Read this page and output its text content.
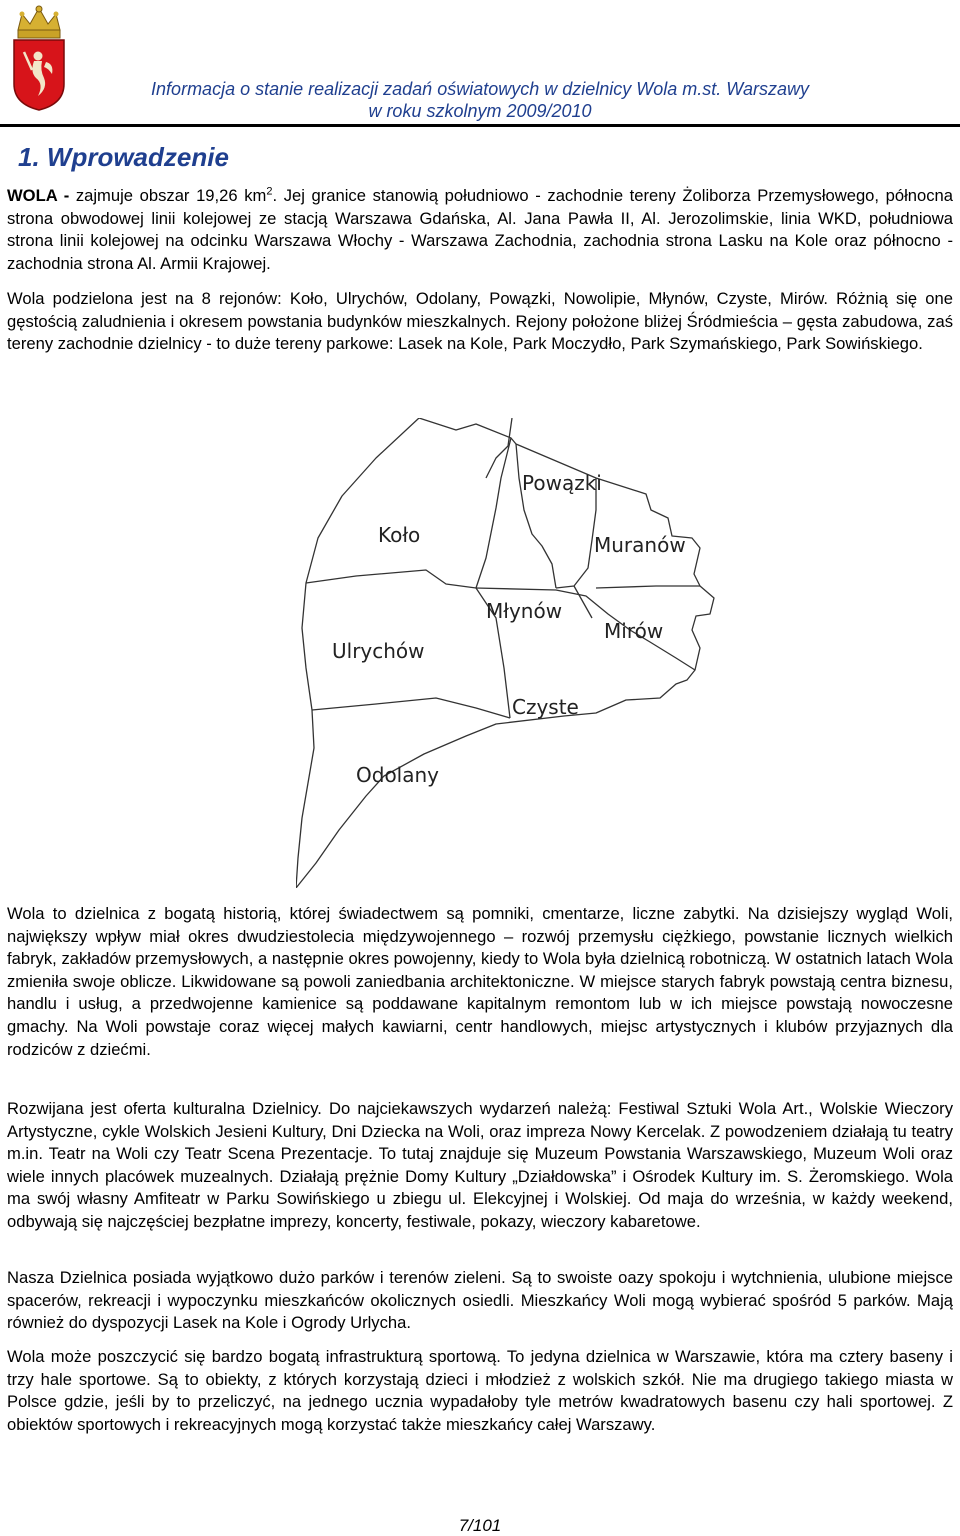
Informacja o stanie realizacji zadań oświatowych w dzielnicy Wola m.st. Warszawy
w roku szkolnym 2009/2010
1. Wprowadzenie

WOLA - zajmuje obszar 19,26 $km^2$. Jej granice stanowią południowo - zachodnie tereny Żoliborza Przemysłowego, północna strona obwodowej linii kolejowej ze stacją Warszawa Gdańska, Al. Jana Pawła II, Al. Jerozolimskie, linia WKD, południowa strona linii kolejowej na odcinku Warszawa Włochy - Warszawa Zachodnia, zachodnia strona Lasku na Kole oraz północno - zachodnia strona Al. Armii Krajowej.

Wola podzielona jest na 8 rejonów: Koło, Ulrychów, Odolany, Powązki, Nowolipie, Młynów, Czyste, Mirów. Różnią się one gęstością zaludnienia i okresem powstania budynków mieszkalnych. Rejony położone bliżej Śródmieścia – gęsta zabudowa, zaś tereny zachodnie dzielnicy - to duże tereny parkowe: Lasek na Kole, Park Moczydło, Park Szymańskiego, Park Sowińskiego.

Koło
Powązki
Muranów
Młynów
Mirów
Ulrychów
Czyste
Odolany

Wola to dzielnica z bogatą historią, której świadectwem są pomniki, cmentarze, liczne zabytki. Na dzisiejszy wygląd Woli, największy wpływ miał okres dwudziestolecia międzywojennego – rozwój przemysłu ciężkiego, powstanie licznych wielkich fabryk, zakładów przemysłowych, a następnie okres powojenny, kiedy to Wola była dzielnicą robotniczą. W ostatnich latach Wola zmieniła swoje oblicze. Likwidowane są powoli zaniedbania architektoniczne. W miejsce starych fabryk powstają centra biznesu, handlu i usług, a przedwojenne kamienice są poddawane kapitalnym remontom lub w ich miejsce powstają nowoczesne gmachy. Na Woli powstaje coraz więcej małych kawiarni, centr handlowych, miejsc artystycznych i klubów przyjaznych dla rodziców z dziećmi.

Rozwijana jest oferta kulturalna Dzielnicy. Do najciekawszych wydarzeń należą: Festiwal Sztuki Wola Art., Wolskie Wieczory Artystyczne, cykle Wolskich Jesieni Kultury, Dni Dziecka na Woli, oraz impreza Nowy Kercelak. Z powodzeniem działają tu teatry m.in. Teatr na Woli czy Teatr Scena Prezentacje. To tutaj znajduje się Muzeum Powstania Warszawskiego, Muzeum Woli oraz wiele innych placówek muzealnych. Działają prężnie Domy Kultury „Działdowska” i Ośrodek Kultury im. S. Żeromskiego. Wola ma swój własny Amfiteatr w Parku Sowińskiego u zbiegu ul. Elekcyjnej i Wolskiej. Od maja do września, w każdy weekend, odbywają się najczęściej bezpłatne imprezy, koncerty, festiwale, pokazy, wieczory kabaretowe.

Nasza Dzielnica posiada wyjątkowo dużo parków i terenów zieleni. Są to swoiste oazy spokoju i wytchnienia, ulubione miejsce spacerów, rekreacji i wypoczynku mieszkańców okolicznych osiedli. Mieszkańcy Woli mogą wybierać spośród 5 parków. Mają również do dyspozycji Lasek na Kole i Ogrody Urlycha.

Wola może poszczycić się bardzo bogatą infrastrukturą sportową. To jedyna dzielnica w Warszawie, która ma cztery baseny i trzy hale sportowe. Są to obiekty, z których korzystają dzieci i młodzież z wolskich szkół. Nie ma drugiego takiego miasta w Polsce gdzie, jeśli by to przeliczyć, na jednego ucznia wypadałoby tyle metrów kwadratowych basenu czy hali sportowej. Z obiektów sportowych i rekreacyjnych mogą korzystać także mieszkańcy całej Warszawy.

7/101
